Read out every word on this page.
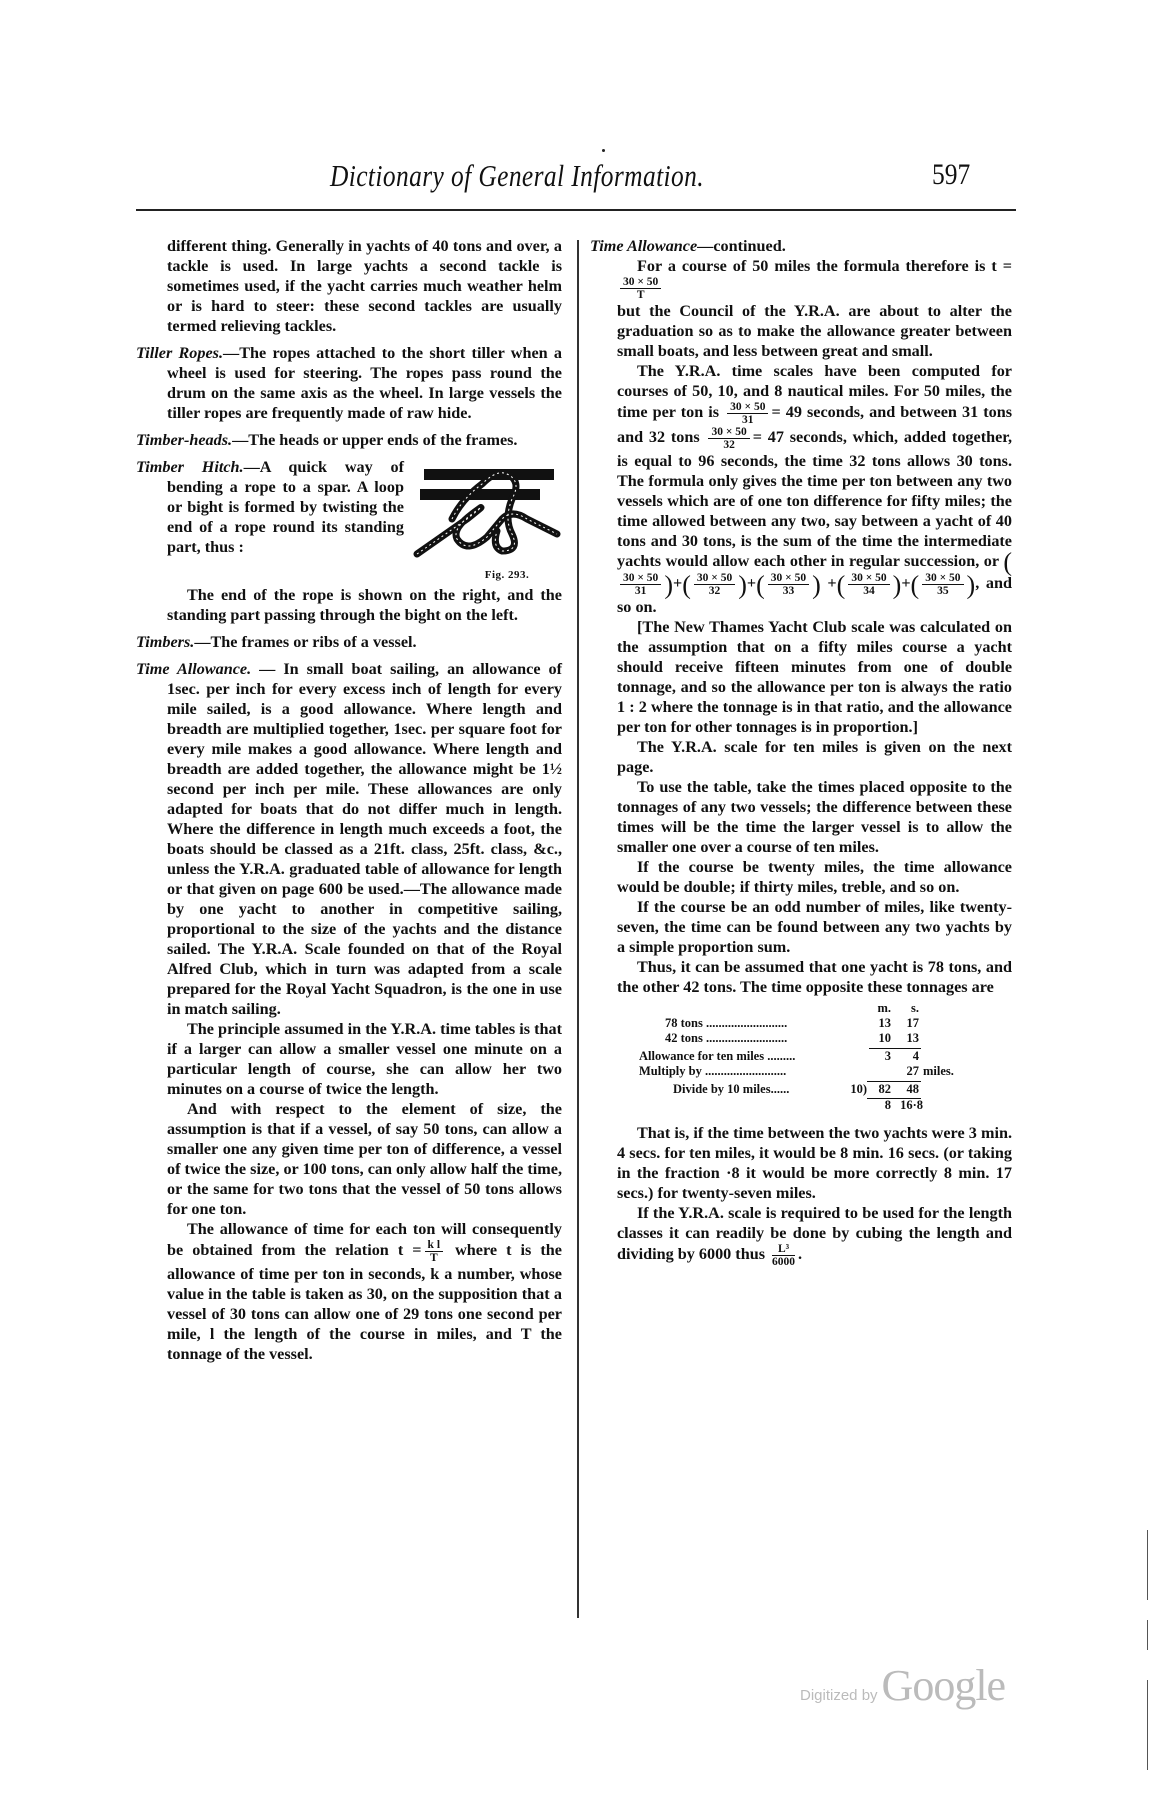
Dictionary of General Information.	597

different thing. Generally in yachts of 40 tons and over, a tackle is used. In large yachts a second tackle is sometimes used, if the yacht carries much weather helm or is hard to steer: these second tackles are usually termed relieving tackles.

Tiller Ropes.—The ropes attached to the short tiller when a wheel is used for steering. The ropes pass round the drum on the same axis as the wheel. In large vessels the tiller ropes are frequently made of raw hide.

Timber-heads.—The heads or upper ends of the frames.

Fig. 293.

Timber Hitch.—A quick way of bending a rope to a spar. A loop or bight is formed by twisting the end of a rope round its standing part, thus :

The end of the rope is shown on the right, and the standing part passing through the bight on the left.

Timbers.—The frames or ribs of a vessel.

Time Allowance. — In small boat sailing, an allowance of 1sec. per inch for every excess inch of length for every mile sailed, is a good allowance. Where length and breadth are multiplied together, 1sec. per square foot for every mile makes a good allowance. Where length and breadth are added together, the allowance might be 1½ second per inch per mile. These allowances are only adapted for boats that do not differ much in length. Where the difference in length much exceeds a foot, the boats should be classed as a 21ft. class, 25ft. class, &c., unless the Y.R.A. graduated table of allowance for length or that given on page 600 be used.—The allowance made by one yacht to another in competitive sailing, proportional to the size of the yachts and the distance sailed. The Y.R.A. Scale founded on that of the Royal Alfred Club, which in turn was adapted from a scale prepared for the Royal Yacht Squadron, is the one in use in match sailing.

The principle assumed in the Y.R.A. time tables is that if a larger can allow a smaller vessel one minute on a particular length of course, she can allow her two minutes on a course of twice the length.

And with respect to the element of size, the assumption is that if a vessel, of say 50 tons, can allow a smaller one any given time per ton of difference, a vessel of twice the size, or 100 tons, can only allow half the time, or the same for two tons that the vessel of 50 tons allows for one ton.

The allowance of time for each ton will consequently be obtained from the relation $t = \frac{\text{k l}}{T}$ where t is the allowance of time per ton in seconds, k a number, whose value in the table is taken as 30, on the supposition that a vessel of 30 tons can allow one of 29 tons one second per mile, l the length of the course in miles, and T the tonnage of the vessel.

Time Allowance—continued.

For a course of 50 miles the formula therefore is t =
$\frac{30 \times 50}{T}$

but the Council of the Y.R.A. are about to alter the graduation so as to make the allowance greater between small boats, and less between great and small.

The Y.R.A. time scales have been computed for courses of 50, 10, and 8 nautical miles. For 50 miles, the time per ton is $\frac{30 \times 50}{31} = 49$ seconds, and between 31 tons and 32 tons $\frac{30 \times 50}{32} = 47$ seconds, which, added together, is equal to 96 seconds, the time 32 tons allows 30 tons. The formula only gives the time per ton between any two vessels which are of one ton difference for fifty miles; the time allowed between any two, say between a yacht of 40 tons and 30 tons, is the sum of the time the intermediate yachts would allow each other in regular succession, or (
$\frac{30 \times 50}{31}$ )+( $\frac{30 \times 50}{32}$ )+( $\frac{30 \times 50}{33}$ ) +( $\frac{30 \times 50}{34}$ )+( $\frac{30 \times 50}{35}$ ), and so on.

[The New Thames Yacht Club scale was calculated on the assumption that on a fifty miles course a yacht should receive fifteen minutes from one of double tonnage, and so the allowance per ton is always the ratio 1 : 2 where the tonnage is in that ratio, and the allowance per ton for other tonnages is in proportion.]

The Y.R.A. scale for ten miles is given on the next page.

To use the table, take the times placed opposite to the tonnages of any two vessels; the difference between these times will be the time the larger vessel is to allow the smaller one over a course of ten miles.

If the course be twenty miles, the time allowance would be double; if thirty miles, treble, and so on.

If the course be an odd number of miles, like twenty-seven, the time can be found between any two yachts by a simple proportion sum.

Thus, it can be assumed that one yacht is 78 tons, and the other 42 tons. The time opposite these tonnages are

m.	s.
78 tons ..........................	13	17
42 tons ..........................	10	13
Allowance for ten miles .........	3	4
Multiply by ..........................	27 miles.
Divide by 10 miles......	10) 82	48
8 16·8

That is, if the time between the two yachts were 3 min. 4 secs. for ten miles, it would be 8 min. 16 secs. (or taking in the fraction ·8 it would be more correctly 8 min. 17 secs.) for twenty-seven miles.

If the Y.R.A. scale is required to be used for the length classes it can readily be done by cubing the length and dividing by 6000 thus $\frac{\text{L³}}{6000}$ .

Digitized by Google
